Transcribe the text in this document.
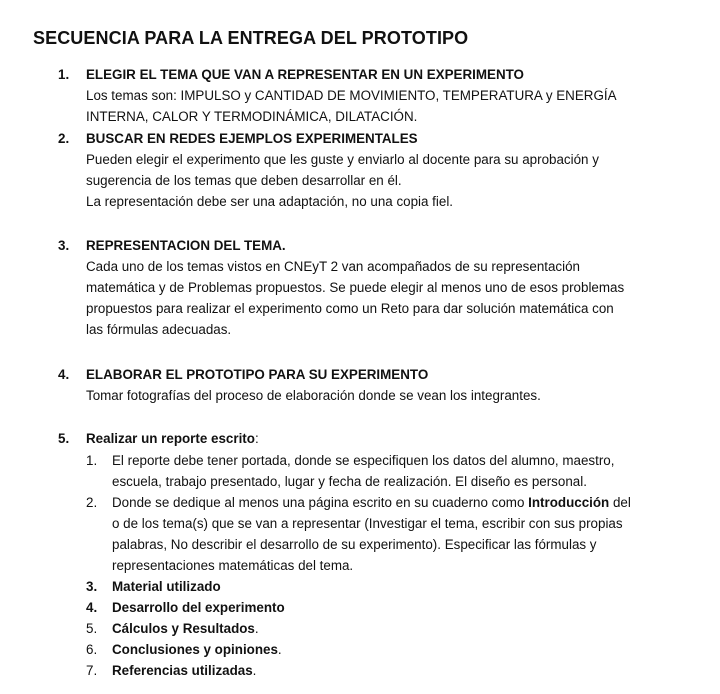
SECUENCIA PARA LA ENTREGA DEL PROTOTIPO
1. ELEGIR EL TEMA QUE VAN A REPRESENTAR EN UN EXPERIMENTO

Los temas son: IMPULSO y CANTIDAD DE MOVIMIENTO, TEMPERATURA y ENERGÍA

INTERNA, CALOR Y TERMODINÁMICA, DILATACIÓN.

2. BUSCAR EN REDES EJEMPLOS EXPERIMENTALES

Pueden elegir el experimento que les guste y enviarlo al docente para su aprobación y

sugerencia de los temas que deben desarrollar en él.

La representación debe ser una adaptación, no una copia fiel.

3. REPRESENTACION DEL TEMA.

Cada uno de los temas vistos en CNEyT 2 van acompañados de su representación

matemática y de Problemas propuestos. Se puede elegir al menos uno de esos problemas

propuestos para realizar el experimento como un Reto para dar solución matemática con

las fórmulas adecuadas.

4. ELABORAR EL PROTOTIPO PARA SU EXPERIMENTO

Tomar fotografías del proceso de elaboración donde se vean los integrantes.

5. Realizar un reporte escrito:
1. El reporte debe tener portada, donde se especifiquen los datos del alumno, maestro,
escuela, trabajo presentado, lugar y fecha de realización. El diseño es personal.
2. Donde se dedique al menos una página escrito en su cuaderno como Introducción del
o de los tema(s) que se van a representar (Investigar el tema, escribir con sus propias
palabras, No describir el desarrollo de su experimento). Especificar las fórmulas y
representaciones matemáticas del tema.
3. Material utilizado
4. Desarrollo del experimento
5. Cálculos y Resultados.
6. Conclusiones y opiniones.
7. Referencias utilizadas.
